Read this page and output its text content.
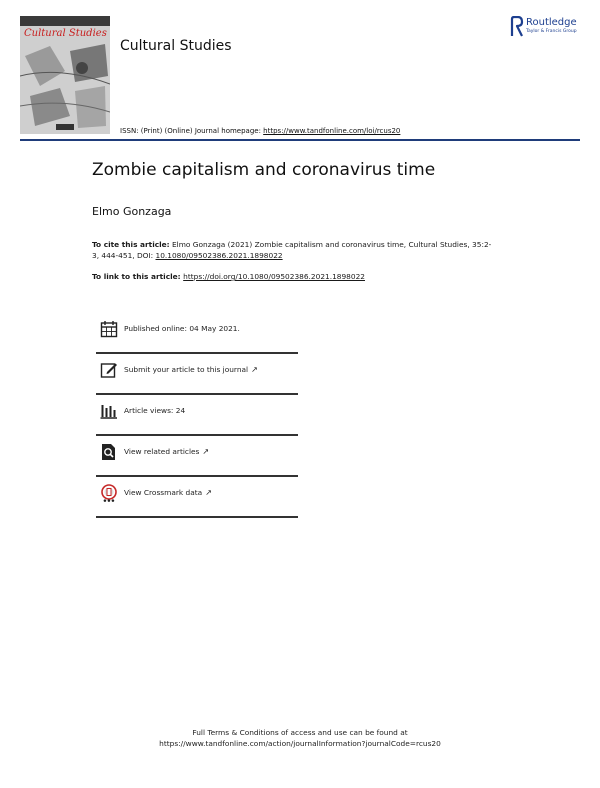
Cultural Studies
Cultural Studies
Routledge
Taylor & Francis Group
ISSN: (Print) (Online) Journal homepage: https://www.tandfonline.com/loi/rcus20
Zombie capitalism and coronavirus time
Elmo Gonzaga
To cite this article: Elmo Gonzaga (2021) Zombie capitalism and coronavirus time, Cultural Studies, 35:2-3, 444-451, DOI: 10.1080/09502386.2021.1898022
To link to this article: https://doi.org/10.1080/09502386.2021.1898022
Published online: 04 May 2021.
Submit your article to this journal ↗
Article views: 24
View related articles ↗
● ● ●
View Crossmark data ↗
Full Terms & Conditions of access and use can be found at
https://www.tandfonline.com/action/journalInformation?journalCode=rcus20
